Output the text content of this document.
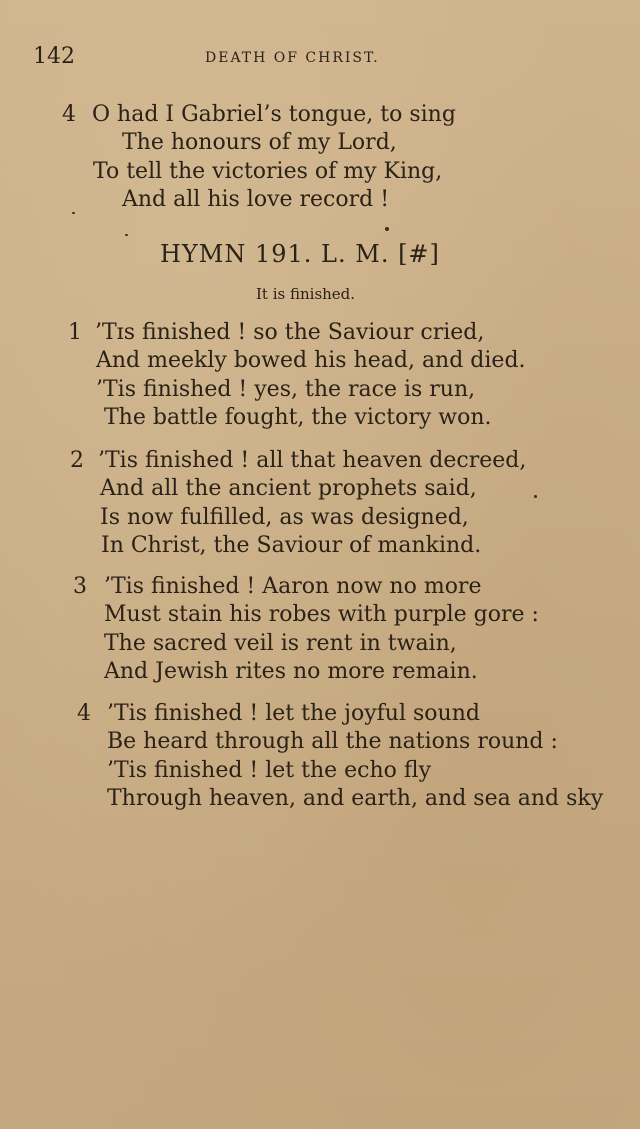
142	DEATH OF CHRIST.
4 O had I Gabriel’s tongue, to sing
The honours of my Lord,
To tell the victories of my King,
And all his love record !
HYMN 191. L. M. [#]
It is finished.
1 ’Tɪs finished ! so the Saviour cried,
And meekly bowed his head, and died.
’Tis finished ! yes, the race is run,
The battle fought, the victory won.
2 ’Tis finished ! all that heaven decreed,
And all the ancient prophets said,
Is now fulfilled, as was designed,
In Christ, the Saviour of mankind.
3 ’Tis finished ! Aaron now no more
Must stain his robes with purple gore :
The sacred veil is rent in twain,
And Jewish rites no more remain.
4 ’Tis finished ! let the joyful sound
Be heard through all the nations round :
’Tis finished ! let the echo fly
Through heaven, and earth, and sea and sky
